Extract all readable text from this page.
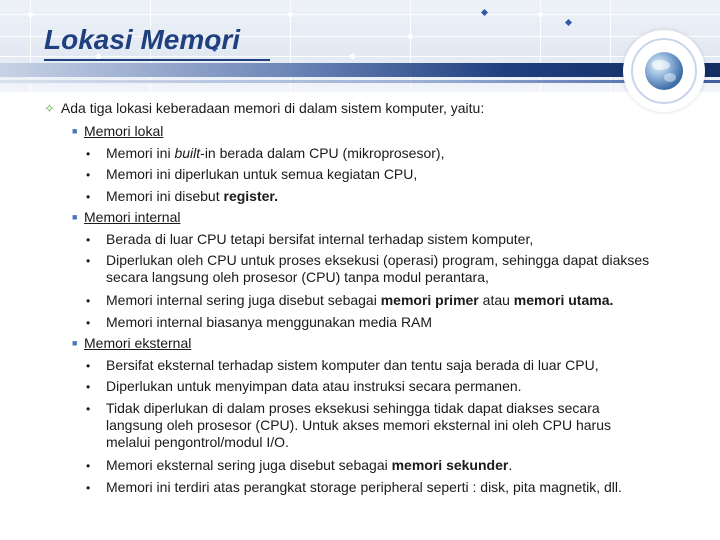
Lokasi Memori
✧ Ada tiga lokasi keberadaan memori di dalam sistem komputer, yaitu:
■ Memori lokal
• Memori ini built-in berada dalam CPU (mikroprosesor),
• Memori ini diperlukan untuk semua kegiatan CPU,
• Memori ini disebut register.
■ Memori internal
• Berada di luar CPU tetapi bersifat internal terhadap sistem komputer,
• Diperlukan oleh CPU untuk proses eksekusi (operasi) program, sehingga dapat diakses secara langsung oleh prosesor (CPU) tanpa modul perantara,
• Memori internal sering juga disebut sebagai memori primer atau memori utama.
• Memori internal biasanya menggunakan media RAM
■ Memori eksternal
• Bersifat eksternal terhadap sistem komputer dan tentu saja berada di luar CPU,
• Diperlukan untuk menyimpan data atau instruksi secara permanen.
• Tidak diperlukan di dalam proses eksekusi sehingga tidak dapat diakses secara langsung oleh prosesor (CPU). Untuk akses memori eksternal ini oleh CPU harus melalui pengontrol/modul I/O.
• Memori eksternal sering juga disebut sebagai memori sekunder.
• Memori ini terdiri atas perangkat storage peripheral seperti : disk, pita magnetik, dll.
